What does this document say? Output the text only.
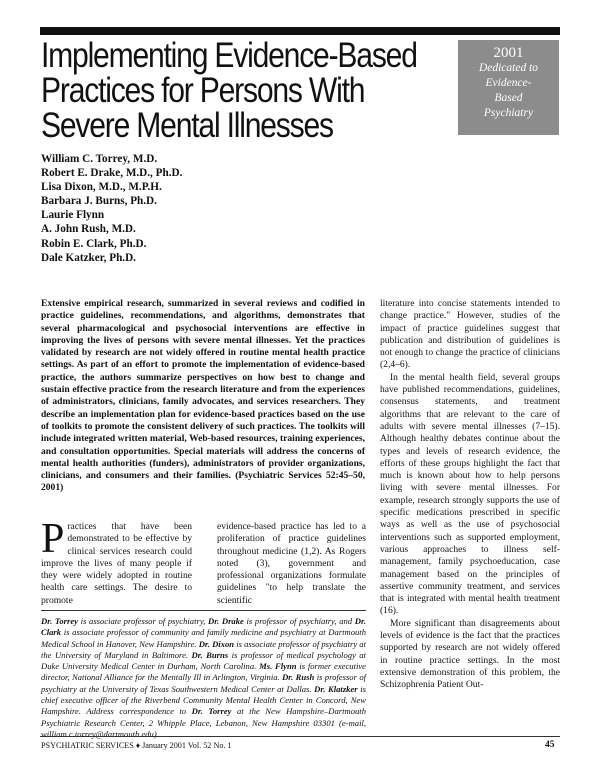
Implementing Evidence-Based
Practices for Persons With
Severe Mental Illnesses
2001
Dedicated to
Evidence-
Based
Psychiatry
William C. Torrey, M.D.
Robert E. Drake, M.D., Ph.D.
Lisa Dixon, M.D., M.P.H.
Barbara J. Burns, Ph.D.
Laurie Flynn
A. John Rush, M.D.
Robin E. Clark, Ph.D.
Dale Katzker, Ph.D.

Extensive empirical research, summarized in several reviews and codified in practice guidelines, recommendations, and algorithms, demonstrates that several pharmacological and psychosocial interventions are effective in improving the lives of persons with severe mental illnesses. Yet the practices validated by research are not widely offered in routine mental health practice settings. As part of an effort to promote the implementation of evidence-based practice, the authors summarize perspectives on how best to change and sustain effective practice from the research literature and from the experiences of administrators, clinicians, family advocates, and services researchers. They describe an implementation plan for evidence-based practices based on the use of toolkits to promote the consistent delivery of such practices. The toolkits will include integrated written material, Web-based resources, training experiences, and consultation opportunities. Special materials will address the concerns of mental health authorities (funders), administrators of provider organizations, clinicians, and consumers and their families. (Psychiatric Services 52:45–50, 2001)

Practices that have been demonstrated to be effective by clinical services research could improve the lives of many people if they were widely adopted in routine health care settings. The desire to promote

evidence-based practice has led to a proliferation of practice guidelines throughout medicine (1,2). As Rogers noted (3), government and professional organizations formulate guidelines "to help translate the scientific

literature into concise statements intended to change practice." However, studies of the impact of practice guidelines suggest that publication and distribution of guidelines is not enough to change the practice of clinicians (2,4–6).

In the mental health field, several groups have published recommendations, guidelines, consensus statements, and treatment algorithms that are relevant to the care of adults with severe mental illnesses (7–15). Although healthy debates continue about the types and levels of research evidence, the efforts of these groups highlight the fact that much is known about how to help persons living with severe mental illnesses. For example, research strongly supports the use of specific medications prescribed in specific ways as well as the use of psychosocial interventions such as supported employment, various approaches to illness self-management, family psychoeducation, case management based on the principles of assertive community treatment, and services that is integrated with mental health treatment (16).

More significant than disagreements about levels of evidence is the fact that the practices supported by research are not widely offered in routine practice settings. In the most extensive demonstration of this problem, the Schizophrenia Patient Out-

Dr. Torrey is associate professor of psychiatry, Dr. Drake is professor of psychiatry, and Dr. Clark is associate professor of community and family medicine and psychiatry at Dartmouth Medical School in Hanover, New Hampshire. Dr. Dixon is associate professor of psychiatry at the University of Maryland in Baltimore. Dr. Burns is professor of medical psychology at Duke University Medical Center in Durham, North Carolina. Ms. Flynn is former executive director, National Alliance for the Mentally Ill in Arlington, Virginia. Dr. Rush is professor of psychiatry at the University of Texas Southwestern Medical Center at Dallas. Dr. Klatzker is chief executive officer of the Riverbend Community Mental Health Center in Concord, New Hampshire. Address correspondence to Dr. Torrey at the New Hampshire–Dartmouth Psychiatric Research Center, 2 Whipple Place, Lebanon, New Hampshire 03301 (e-mail, william.c.torrey@dartmouth.edu).

PSYCHIATRIC SERVICES ♦ January 2001 Vol. 52 No. 1	45
